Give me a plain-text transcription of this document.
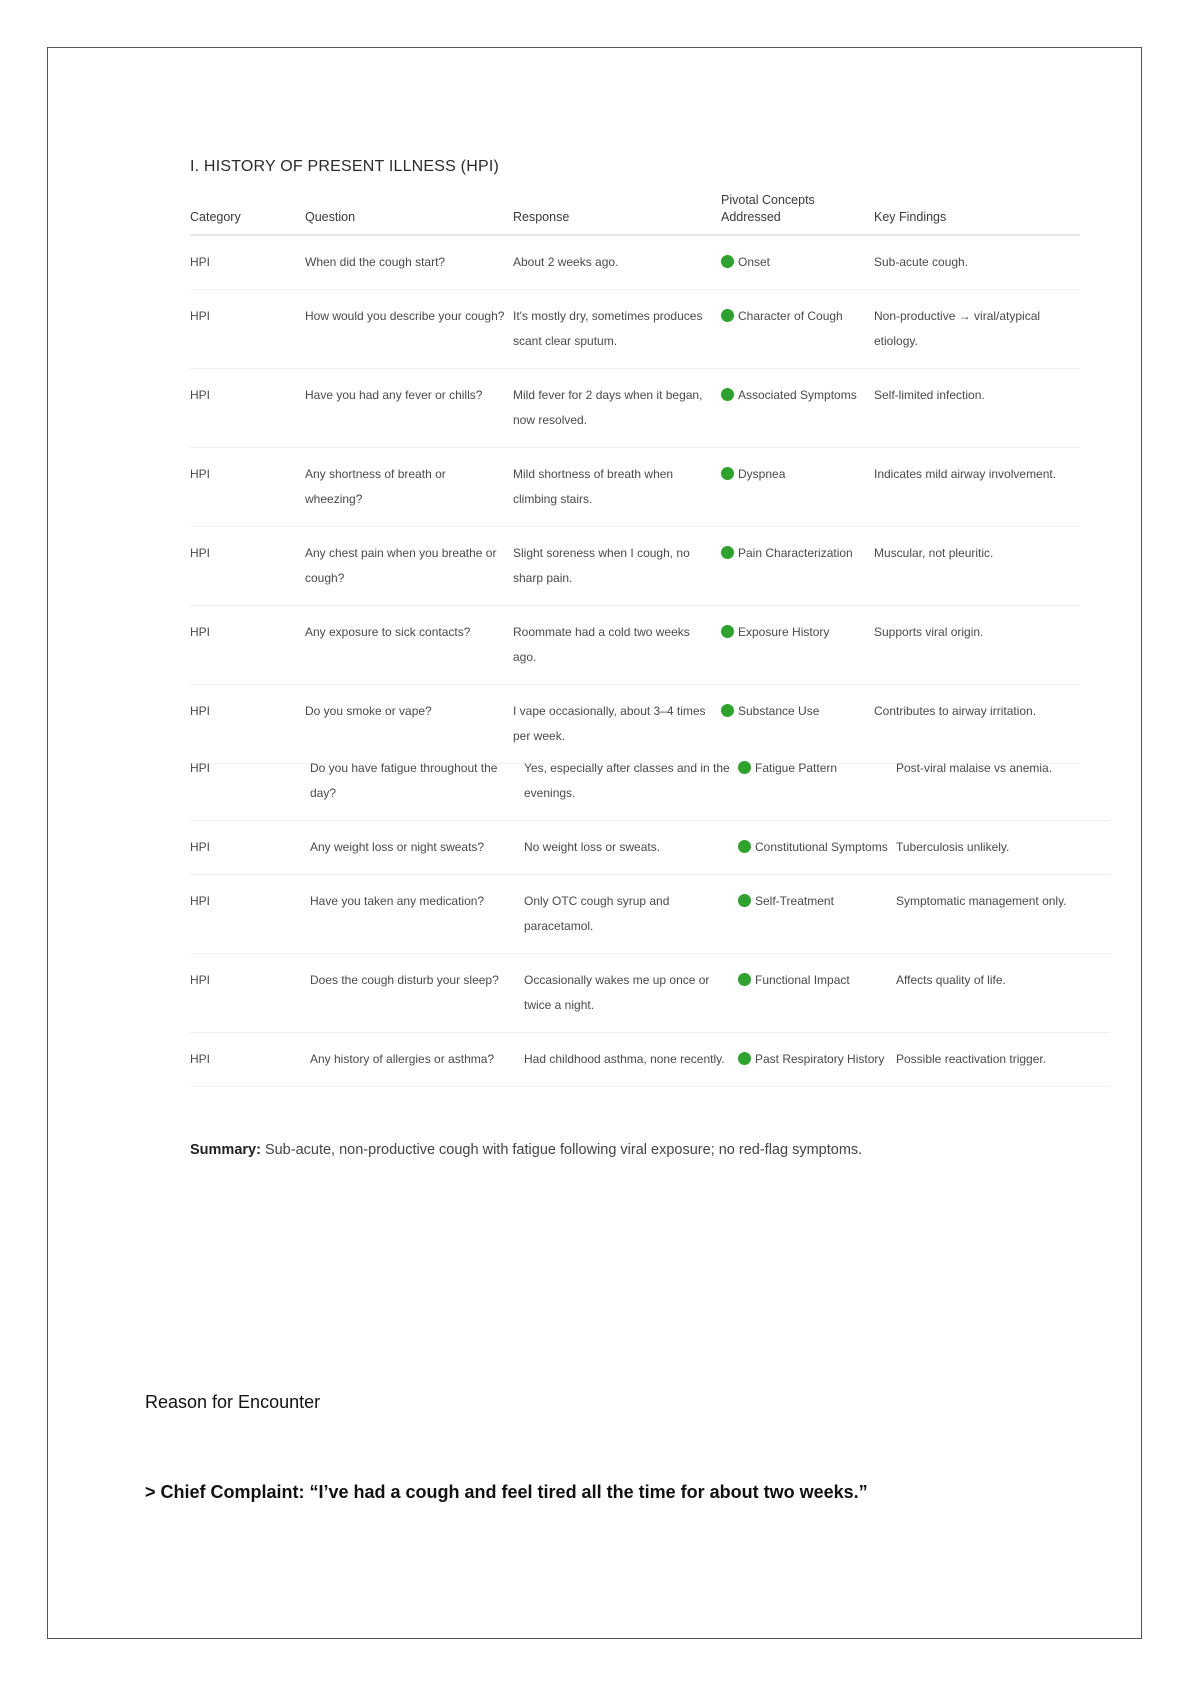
I. HISTORY OF PRESENT ILLNESS (HPI)
Category	Question	Response	Pivotal Concepts Addressed	Key Findings
HPI	When did the cough start?	About 2 weeks ago.	Onset	Sub-acute cough.
HPI	How would you describe your cough?	It's mostly dry, sometimes produces scant clear sputum.	Character of Cough	Non-productive → viral/atypical etiology.
HPI	Have you had any fever or chills?	Mild fever for 2 days when it began, now resolved.	Associated Symptoms	Self-limited infection.
HPI	Any shortness of breath or wheezing?	Mild shortness of breath when climbing stairs.	Dyspnea	Indicates mild airway involvement.
HPI	Any chest pain when you breathe or cough?	Slight soreness when I cough, no sharp pain.	Pain Characterization	Muscular, not pleuritic.
HPI	Any exposure to sick contacts?	Roommate had a cold two weeks ago.	Exposure History	Supports viral origin.
HPI	Do you smoke or vape?	I vape occasionally, about 3–4 times per week.	Substance Use	Contributes to airway irritation.
HPI	Do you have fatigue throughout the day?	Yes, especially after classes and in the evenings.	Fatigue Pattern	Post-viral malaise vs anemia.
HPI	Any weight loss or night sweats?	No weight loss or sweats.	Constitutional Symptoms	Tuberculosis unlikely.
HPI	Have you taken any medication?	Only OTC cough syrup and paracetamol.	Self-Treatment	Symptomatic management only.
HPI	Does the cough disturb your sleep?	Occasionally wakes me up once or twice a night.	Functional Impact	Affects quality of life.
HPI	Any history of allergies or asthma?	Had childhood asthma, none recently.	Past Respiratory History	Possible reactivation trigger.
Summary: Sub-acute, non-productive cough with fatigue following viral exposure; no red-flag symptoms.
Reason for Encounter
> Chief Complaint: “I’ve had a cough and feel tired all the time for about two weeks.”
